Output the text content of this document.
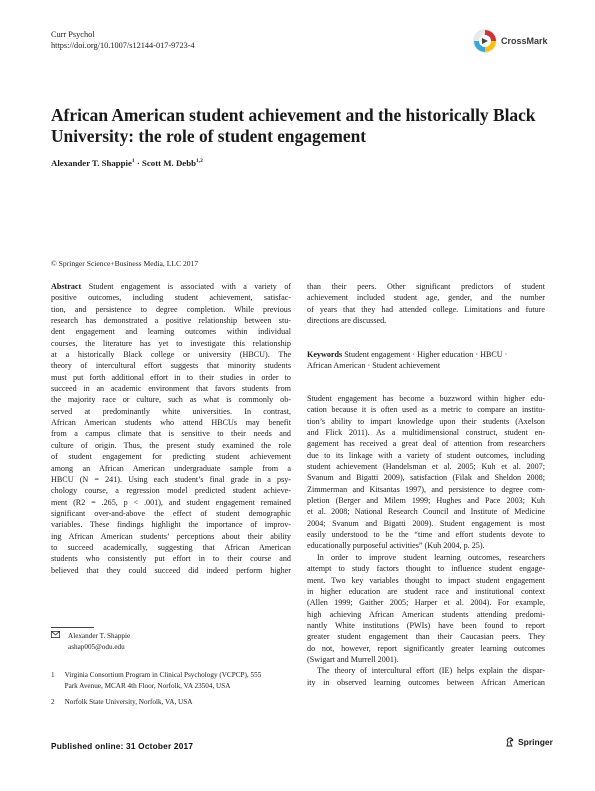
Curr Psychol
https://doi.org/10.1007/s12144-017-9723-4	CrossMark
African American student achievement and the historically Black
University: the role of student engagement
Alexander T. Shappie$^1$ · Scott M. Debb$^{1,2}$
© Springer Science+Business Media, LLC 2017
Abstract Student engagement is associated with a variety of
positive outcomes, including student achievement, satisfac-
tion, and persistence to degree completion. While previous
research has demonstrated a positive relationship between stu-
dent engagement and learning outcomes within individual
courses, the literature has yet to investigate this relationship
at a historically Black college or university (HBCU). The
theory of intercultural effort suggests that minority students
must put forth additional effort in to their studies in order to
succeed in an academic environment that favors students from
the majority race or culture, such as what is commonly ob-
served at predominantly white universities. In contrast,
African American students who attend HBCUs may benefit
from a campus climate that is sensitive to their needs and
culture of origin. Thus, the present study examined the role
of student engagement for predicting student achievement
among an African American undergraduate sample from a
HBCU (N = 241). Using each student’s final grade in a psy-
chology course, a regression model predicted student achieve-
ment (R2 = .265, p < .001), and student engagement remained
significant over-and-above the effect of student demographic
variables. These findings highlight the importance of improv-
ing African American students’ perceptions about their ability
to succeed academically, suggesting that African American
students who consistently put effort in to their course and
believed that they could succeed did indeed perform higher
than their peers. Other significant predictors of student
achievement included student age, gender, and the number
of years that they had attended college. Limitations and future
directions are discussed.
Keywords Student engagement · Higher education · HBCU ·
African American · Student achievement
Student engagement has become a buzzword within higher edu-
cation because it is often used as a metric to compare an institu-
tion’s ability to impart knowledge upon their students (Axelson
and Flick 2011). As a multidimensional construct, student en-
gagement has received a great deal of attention from researchers
due to its linkage with a variety of student outcomes, including
student achievement (Handelsman et al. 2005; Kuh et al. 2007;
Svanum and Bigatti 2009), satisfaction (Filak and Sheldon 2008;
Zimmerman and Kitsantas 1997), and persistence to degree com-
pletion (Berger and Milem 1999; Hughes and Pace 2003; Kuh
et al. 2008; National Research Council and Institute of Medicine
2004; Svanum and Bigatti 2009). Student engagement is most
easily understood to be the “time and effort students devote to
educationally purposeful activities” (Kuh 2004, p. 25).
In order to improve student learning outcomes, researchers
attempt to study factors thought to influence student engage-
ment. Two key variables thought to impact student engagement
in higher education are student race and institutional context
(Allen 1999; Gaither 2005; Harper et al. 2004). For example,
high achieving African American students attending predomi-
nantly White institutions (PWIs) have been found to report
greater student engagement than their Caucasian peers. They
do not, however, report significantly greater learning outcomes
(Swigart and Murrell 2001).
The theory of intercultural effort (IE) helps explain the dispar-
ity in observed learning outcomes between African American
Alexander T. Shappie
ashap005@odu.edu
1 Virginia Consortium Program in Clinical Psychology (VCPCP), 555
Park Avenue, MCAR 4th Floor, Norfolk, VA 23504, USA
2 Norfolk State University, Norfolk, VA, USA
Published online: 31 October 2017	Springer
